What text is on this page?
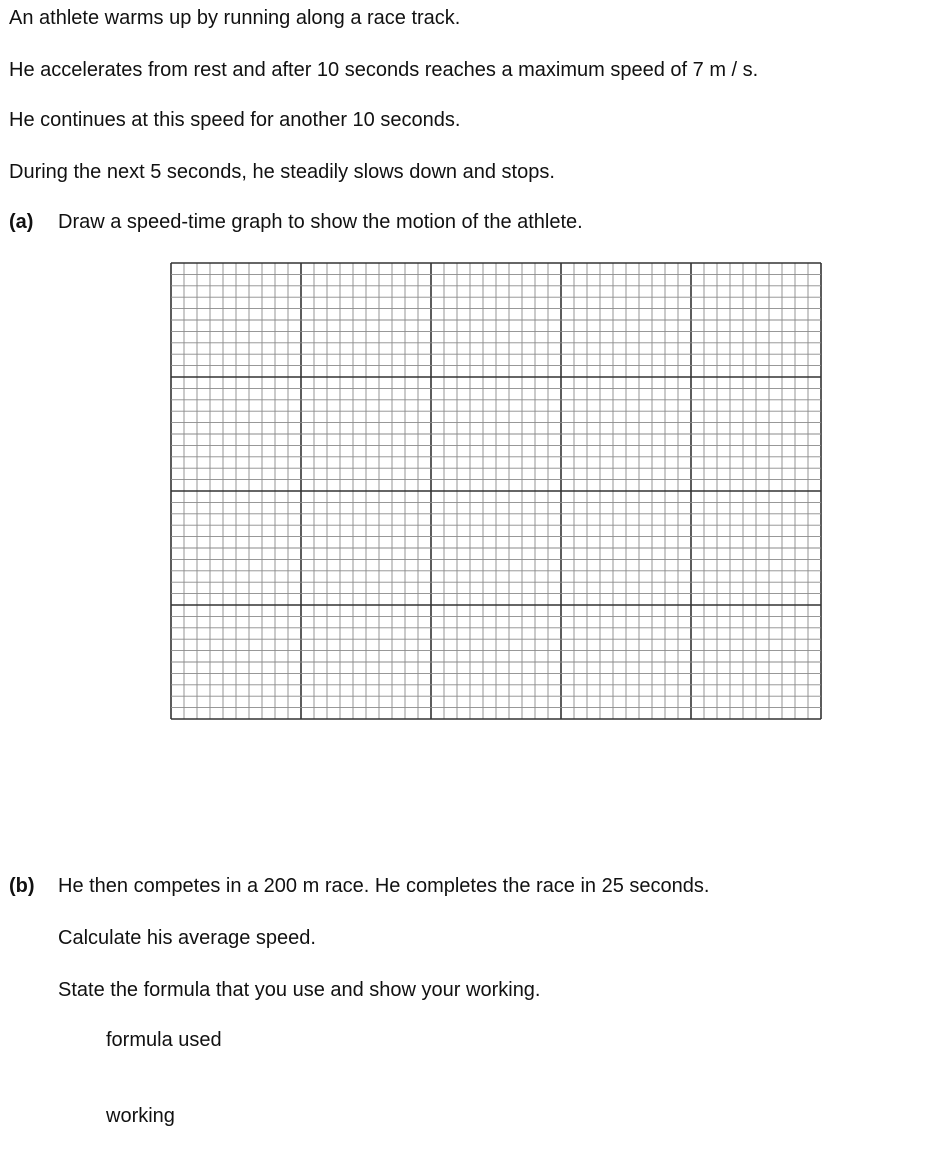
An athlete warms up by running along a race track.
He accelerates from rest and after 10 seconds reaches a maximum speed of 7 m / s.
He continues at this speed for another 10 seconds.
During the next 5 seconds, he steadily slows down and stops.
(a) Draw a speed-time graph to show the motion of the athlete.
(b) He then competes in a 200 m race. He completes the race in 25 seconds.
Calculate his average speed.
State the formula that you use and show your working.
formula used
working
